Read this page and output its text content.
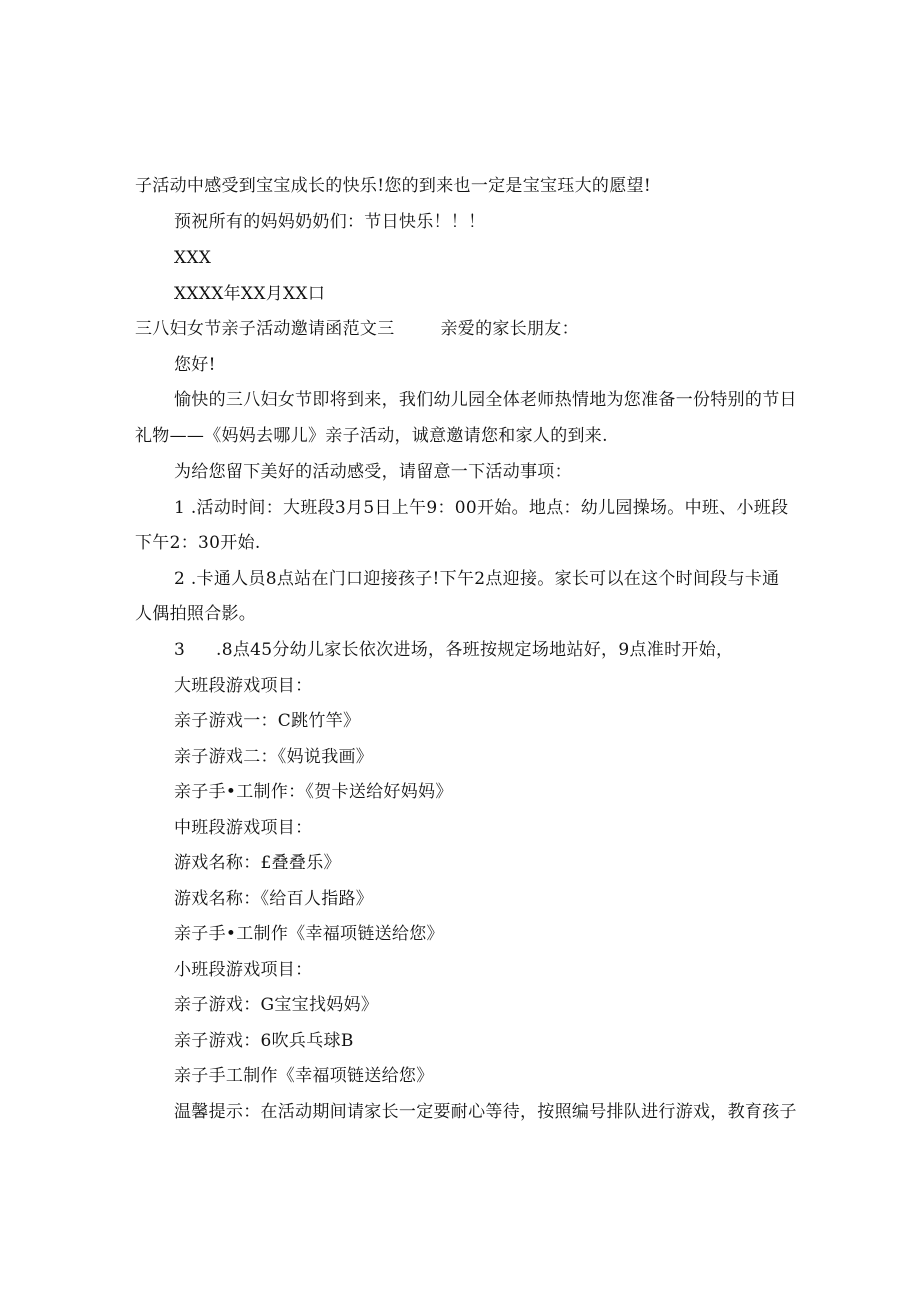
子活动中感受到宝宝成长的快乐!您的到来也一定是宝宝珏大的愿望!
预祝所有的妈妈奶奶们：节日快乐！！！
XXX
XXXX年XX月XX口
三八妇女节亲子活动邀请函范文三	亲爱的家长朋友：
您好!
愉快的三八妇女节即将到来，我们幼儿园全体老师热情地为您准备一份特别的节日
礼物——《妈妈去哪儿》亲子活动，诚意邀请您和家人的到来.
为给您留下美好的活动感受，请留意一下活动事项：
1 .活动时间：大班段3月5日上午9：00开始。地点：幼儿园操场。中班、小班段
下午2：30开始.
2 .卡通人员8点站在门口迎接孩子!下午2点迎接。家长可以在这个时间段与卡通
人偶拍照合影。
3 .8点45分幼儿家长依次进场，各班按规定场地站好，9点准时开始，
大班段游戏项目：
亲子游戏一：C跳竹竿》
亲子游戏二：《妈说我画》
亲子手•工制作：《贺卡送给好妈妈》
中班段游戏项目：
游戏名称：£叠叠乐》
游戏名称：《给百人指路》
亲子手•工制作《幸福项链送给您》
小班段游戏项目：
亲子游戏：G宝宝找妈妈》
亲子游戏：6吹兵乓球B
亲子手工制作《幸福项链送给您》
温馨提示：在活动期间请家长一定要耐心等待，按照编号排队进行游戏，教育孩子
